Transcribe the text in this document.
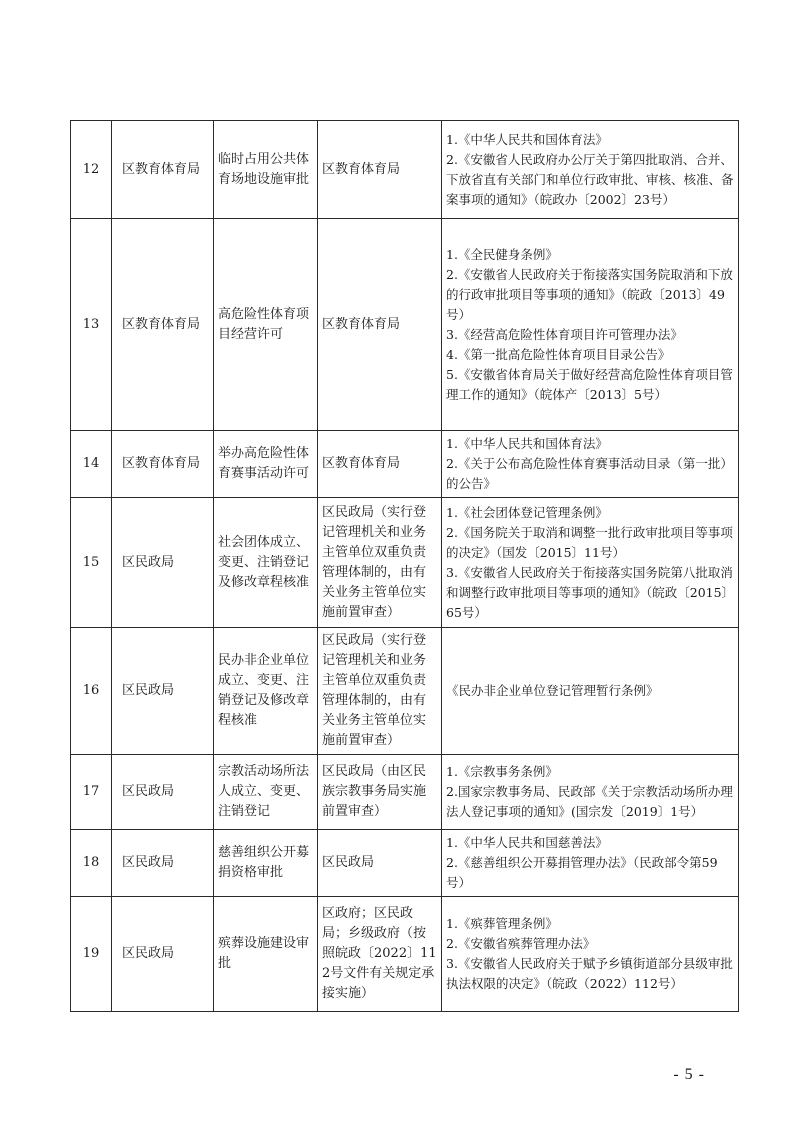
12	区教育体育局	临时占用公共体育场地设施审批	区教育体育局	1.《中华人民共和国体育法》
2.《安徽省人民政府办公厅关于第四批取消、合并、下放省直有关部门和单位行政审批、审核、核准、备案事项的通知》（皖政办〔2002〕23号）

13	区教育体育局	高危险性体育项目经营许可	区教育体育局	1.《全民健身条例》
2.《安徽省人民政府关于衔接落实国务院取消和下放的行政审批项目等事项的通知》（皖政〔2013〕49号）
3.《经营高危险性体育项目许可管理办法》
4.《第一批高危险性体育项目目录公告》
5.《安徽省体育局关于做好经营高危险性体育项目管理工作的通知》（皖体产〔2013〕5号）

14	区教育体育局	举办高危险性体育赛事活动许可	区教育体育局	1.《中华人民共和国体育法》
2.《关于公布高危险性体育赛事活动目录（第一批）的公告》

15	区民政局	社会团体成立、变更、注销登记及修改章程核准	区民政局（实行登记管理机关和业务主管单位双重负责管理体制的，由有关业务主管单位实施前置审查）	1.《社会团体登记管理条例》
2.《国务院关于取消和调整一批行政审批项目等事项的决定》（国发〔2015〕11号）
3.《安徽省人民政府关于衔接落实国务院第八批取消和调整行政审批项目等事项的通知》（皖政〔2015〕65号）

16	区民政局	民办非企业单位成立、变更、注销登记及修改章程核准	区民政局（实行登记管理机关和业务主管单位双重负责管理体制的，由有关业务主管单位实施前置审查）	《民办非企业单位登记管理暂行条例》

17	区民政局	宗教活动场所法人成立、变更、注销登记	区民政局（由区民族宗教事务局实施前置审查）	1.《宗教事务条例》
2.国家宗教事务局、民政部《关于宗教活动场所办理法人登记事项的通知》(国宗发〔2019〕1号）

18	区民政局	慈善组织公开募捐资格审批	区民政局	1.《中华人民共和国慈善法》
2.《慈善组织公开募捐管理办法》（民政部令第59号）

19	区民政局	殡葬设施建设审批	区政府；区民政局；乡级政府（按照皖政〔2022〕112号文件有关规定承接实施）	1.《殡葬管理条例》
2.《安徽省殡葬管理办法》
3.《安徽省人民政府关于赋予乡镇街道部分县级审批执法权限的决定》（皖政（2022）112号）
- 5 -
